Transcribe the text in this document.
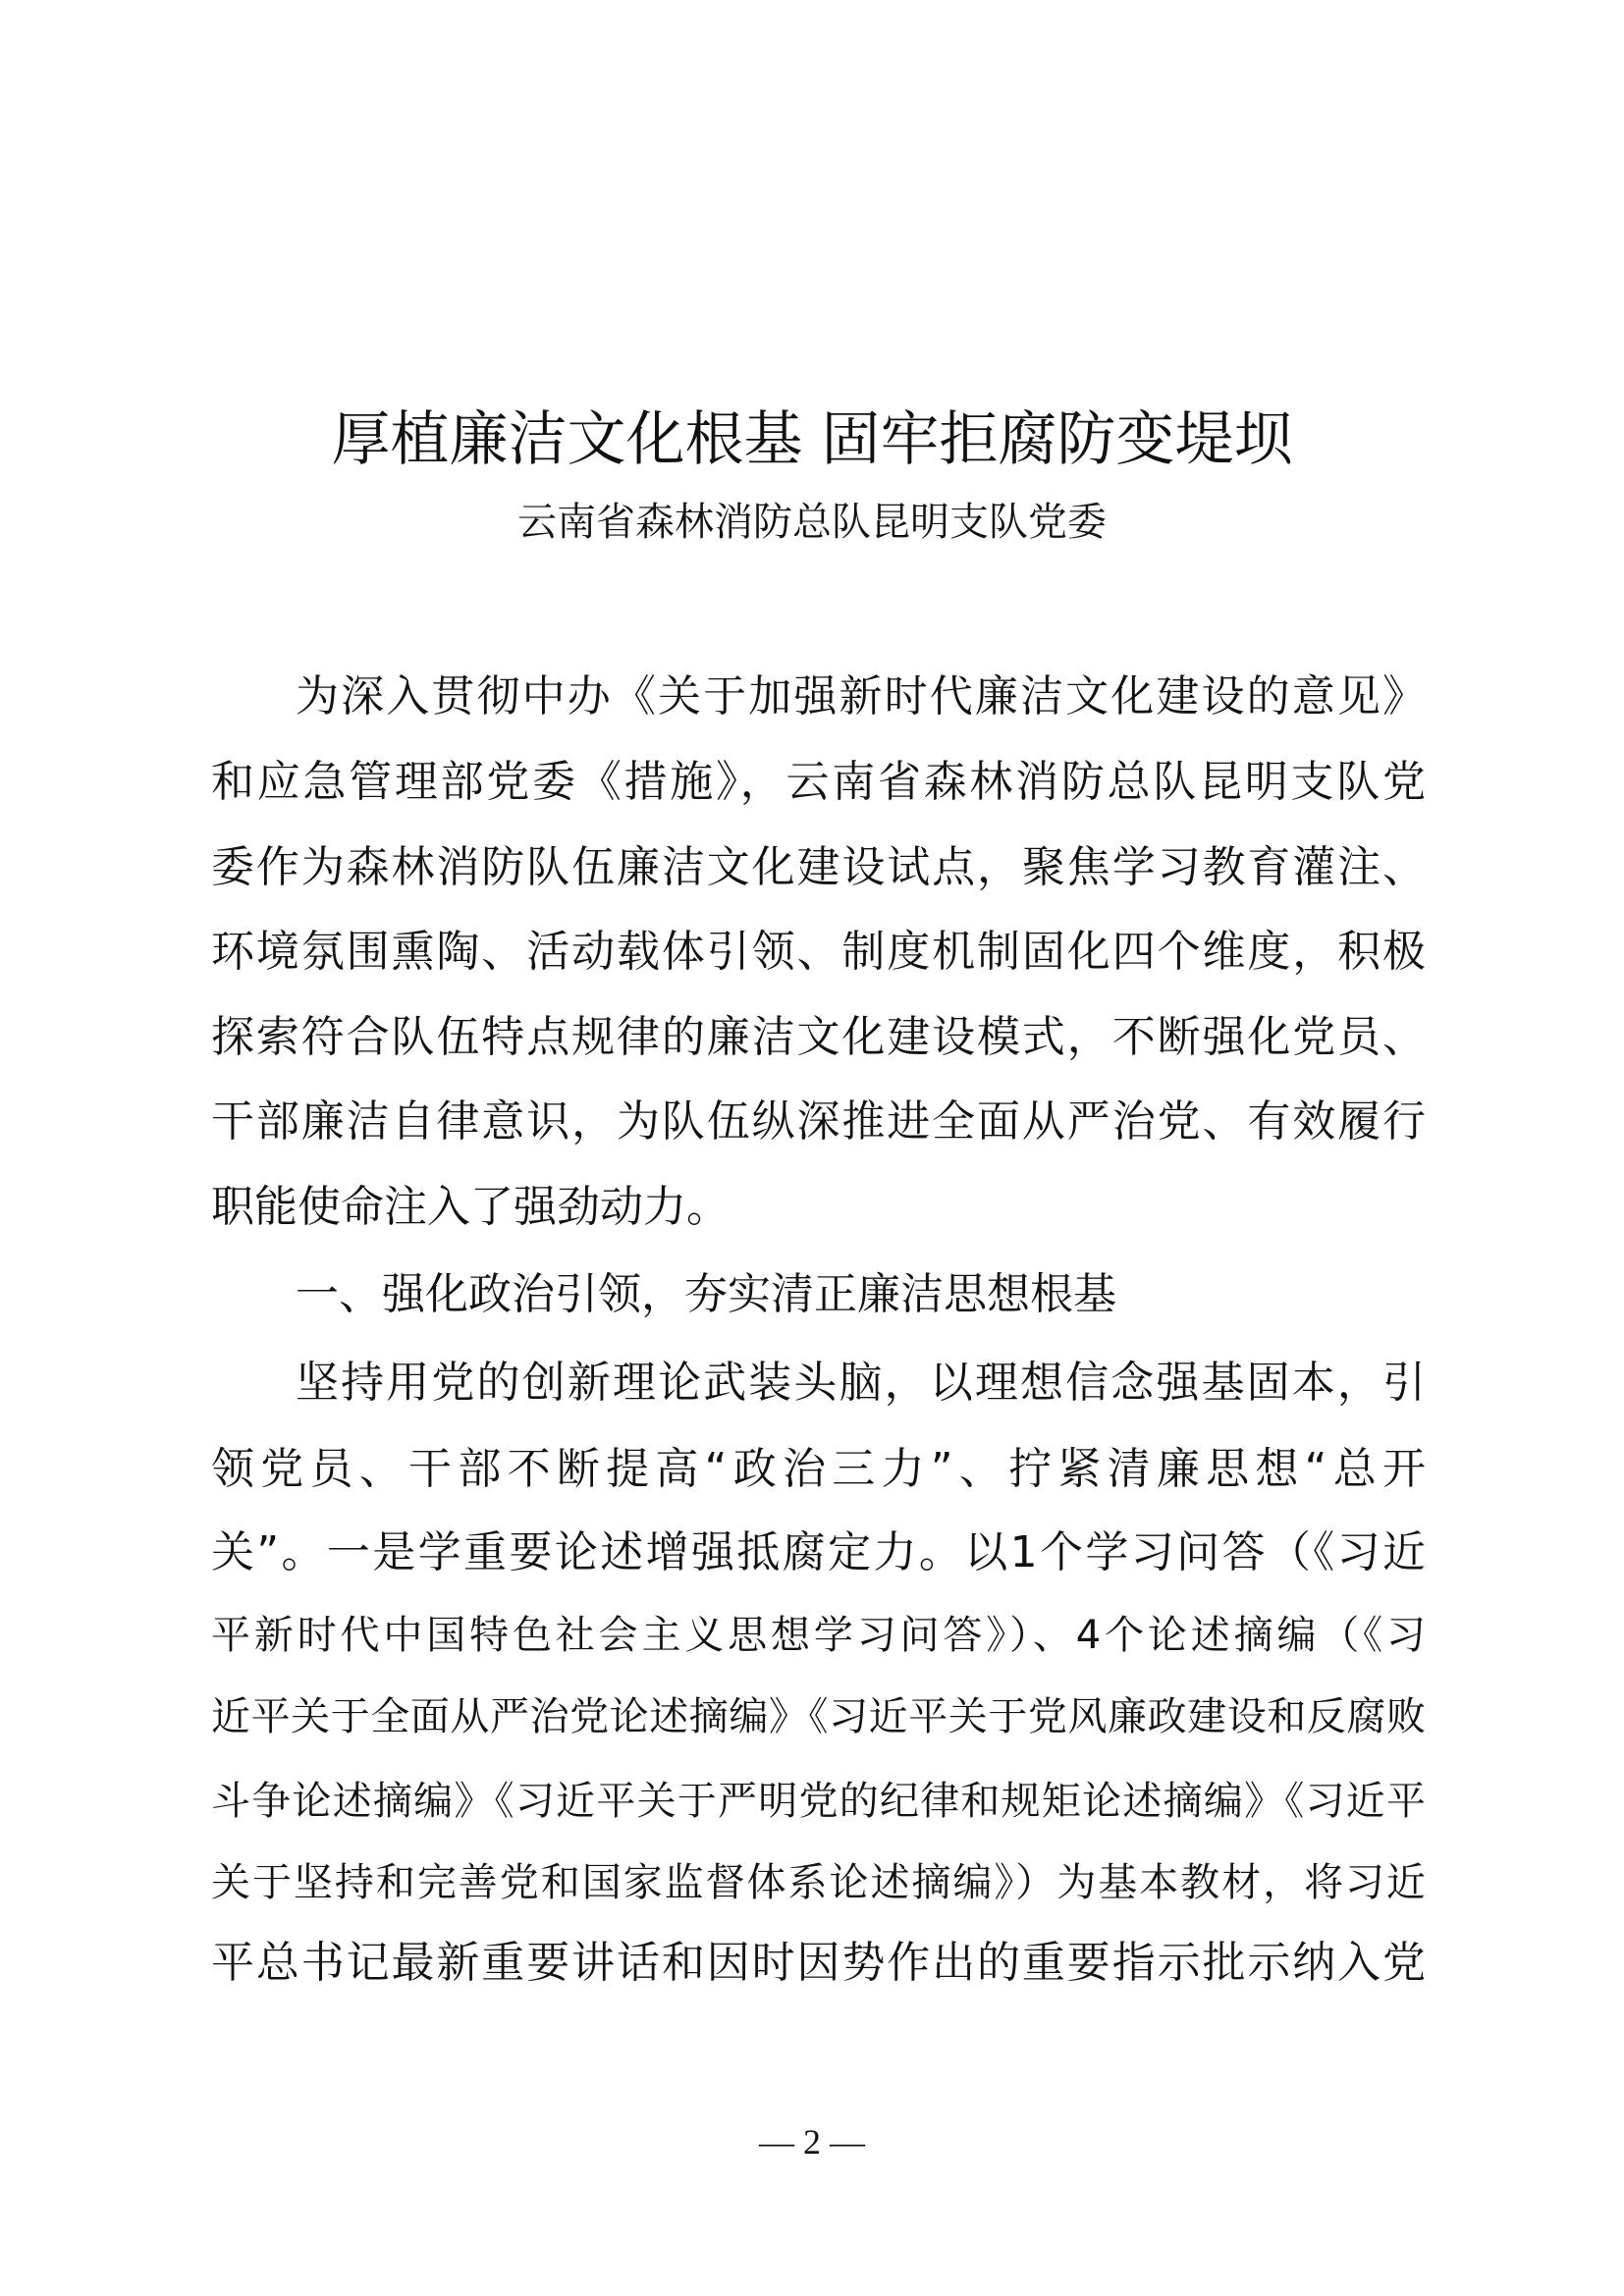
厚植廉洁文化根基 固牢拒腐防变堤坝
云南省森林消防总队昆明支队党委
为深入贯彻中办《关于加强新时代廉洁文化建设的意见》
和应急管理部党委《措施》，云南省森林消防总队昆明支队党
委作为森林消防队伍廉洁文化建设试点，聚焦学习教育灌注、
环境氛围熏陶、活动载体引领、制度机制固化四个维度，积极
探索符合队伍特点规律的廉洁文化建设模式，不断强化党员、
干部廉洁自律意识，为队伍纵深推进全面从严治党、有效履行
职能使命注入了强劲动力。
一、强化政治引领，夯实清正廉洁思想根基
坚持用党的创新理论武装头脑，以理想信念强基固本，引
领党员、干部不断提高“政治三力”、拧紧清廉思想“总开
关”。一是学重要论述增强抵腐定力。以1个学习问答（《习近
平新时代中国特色社会主义思想学习问答》）、4个论述摘编（《习
近平关于全面从严治党论述摘编》《习近平关于党风廉政建设和反腐败
斗争论述摘编》《习近平关于严明党的纪律和规矩论述摘编》《习近平
关于坚持和完善党和国家监督体系论述摘编》）为基本教材，将习近
平总书记最新重要讲话和因时因势作出的重要指示批示纳入党
— 2 —
